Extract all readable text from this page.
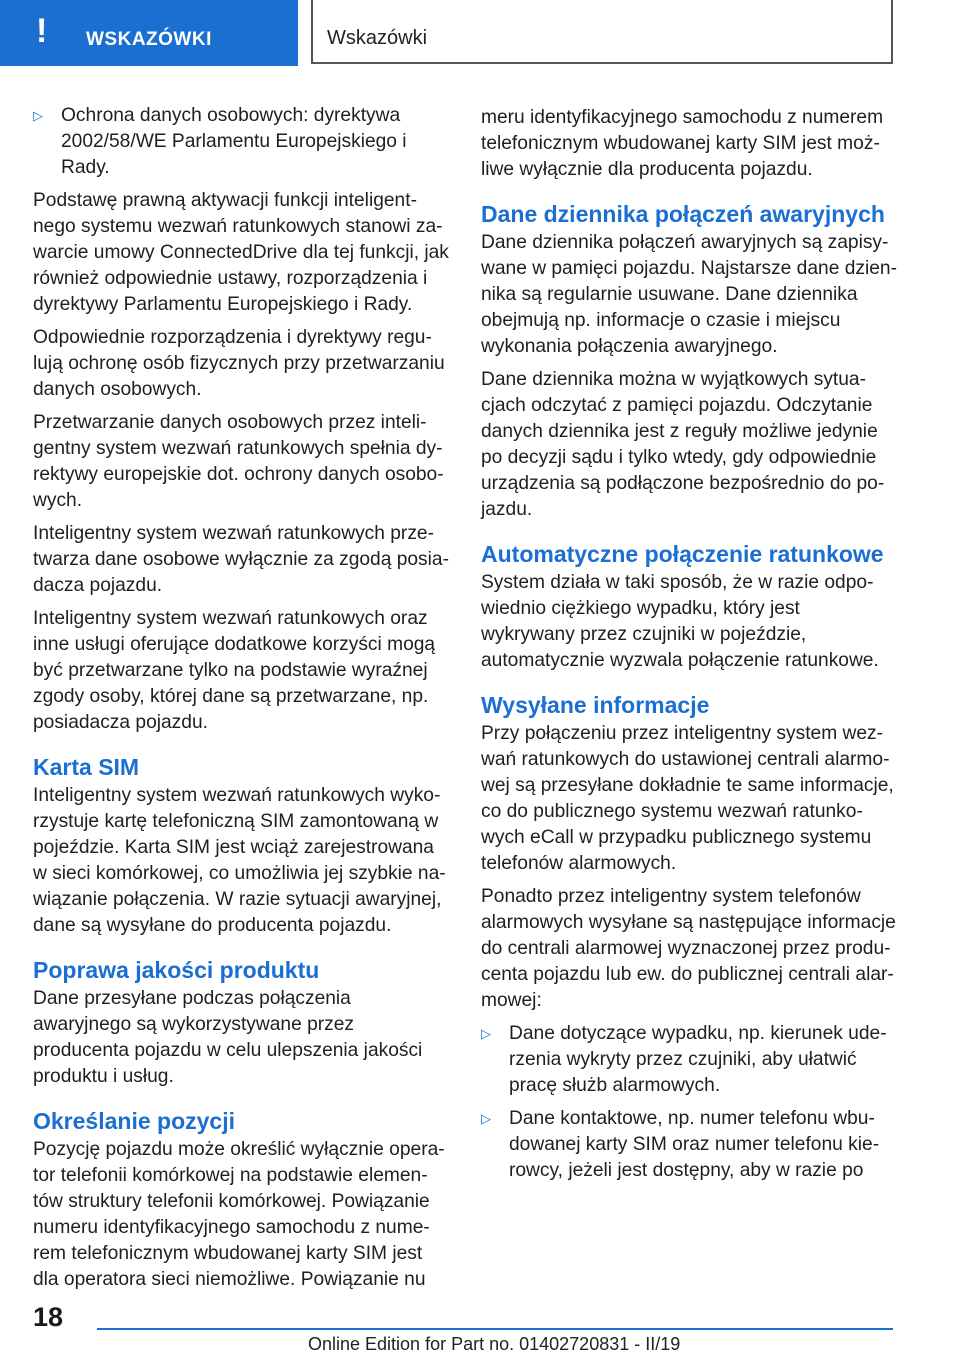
! WSKAZÓWKI	Wskazówki
▷ Ochrona danych osobowych: dyrektywa 2002/58/WE Parlamentu Europejskiego i Rady.

Podstawę prawną aktywacji funkcji inteligentnego systemu wezwań ratunkowych stanowi zawarcie umowy ConnectedDrive dla tej funkcji, jak również odpowiednie ustawy, rozporządzenia i dyrektywy Parlamentu Europejskiego i Rady.

Odpowiednie rozporządzenia i dyrektywy regulują ochronę osób fizycznych przy przetwarzaniu danych osobowych.

Przetwarzanie danych osobowych przez inteligentny system wezwań ratunkowych spełnia dyrektywy europejskie dot. ochrony danych osobowych.

Inteligentny system wezwań ratunkowych przetwarza dane osobowe wyłącznie za zgodą posiadacza pojazdu.

Inteligentny system wezwań ratunkowych oraz inne usługi oferujące dodatkowe korzyści mogą być przetwarzane tylko na podstawie wyraźnej zgody osoby, której dane są przetwarzane, np. posiadacza pojazdu.

Karta SIM

Inteligentny system wezwań ratunkowych wykorzystuje kartę telefoniczną SIM zamontowaną w pojeździe. Karta SIM jest wciąż zarejestrowana w sieci komórkowej, co umożliwia jej szybkie nawiązanie połączenia. W razie sytuacji awaryjnej, dane są wysyłane do producenta pojazdu.

Poprawa jakości produktu

Dane przesyłane podczas połączenia awaryjnego są wykorzystywane przez producenta pojazdu w celu ulepszenia jakości produktu i usług.

Określanie pozycji

Pozycję pojazdu może określić wyłącznie operator telefonii komórkowej na podstawie elementów struktury telefonii komórkowej. Powiązanie numeru identyfikacyjnego samochodu z numerem telefonicznym wbudowanej karty SIM jest dla operatora sieci niemożliwe. Powiązanie nu

meru identyfikacyjnego samochodu z numerem telefonicznym wbudowanej karty SIM jest możliwe wyłącznie dla producenta pojazdu.

Dane dziennika połączeń awaryjnych

Dane dziennika połączeń awaryjnych są zapisywane w pamięci pojazdu. Najstarsze dane dziennika są regularnie usuwane. Dane dziennika obejmują np. informacje o czasie i miejscu wykonania połączenia awaryjnego.

Dane dziennika można w wyjątkowych sytuacjach odczytać z pamięci pojazdu. Odczytanie danych dziennika jest z reguły możliwe jedynie po decyzji sądu i tylko wtedy, gdy odpowiednie urządzenia są podłączone bezpośrednio do pojazdu.

Automatyczne połączenie ratunkowe

System działa w taki sposób, że w razie odpowiednio ciężkiego wypadku, który jest wykrywany przez czujniki w pojeździe, automatycznie wyzwala połączenie ratunkowe.

Wysyłane informacje

Przy połączeniu przez inteligentny system wezwań ratunkowych do ustawionej centrali alarmowej są przesyłane dokładnie te same informacje, co do publicznego systemu wezwań ratunkowych eCall w przypadku publicznego systemu telefonów alarmowych.

Ponadto przez inteligentny system telefonów alarmowych wysyłane są następujące informacje do centrali alarmowej wyznaczonej przez producenta pojazdu lub ew. do publicznej centrali alarmowej:

▷ Dane dotyczące wypadku, np. kierunek uderzenia wykryty przez czujniki, aby ułatwić pracę służb alarmowych.
▷ Dane kontaktowe, np. numer telefonu wbudowanej karty SIM oraz numer telefonu kierowcy, jeżeli jest dostępny, aby w razie po
18
Online Edition for Part no. 01402720831 - II/19
